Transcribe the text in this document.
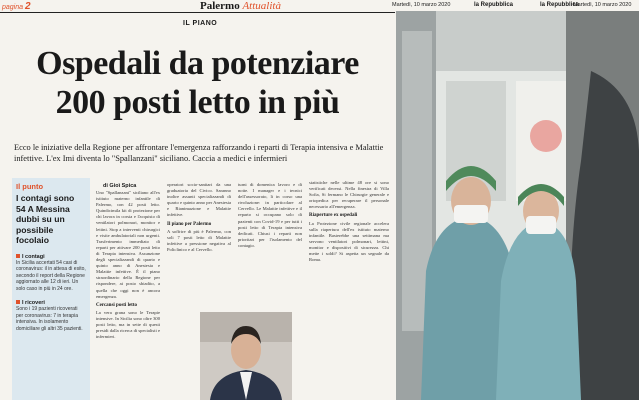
pagina 2	Palermo Attualità	Martedì, 10 marzo 2020	la Repubblica	la Repubblica
Martedì, 10 marzo 2020
IL PIANO
Ospedali da potenziare
200 posti letto in più
Ecco le iniziative della Regione per affrontare l'emergenza rafforzando i reparti di Terapia intensiva e Malattie infettive. L'ex Imi diventa lo "Spallanzani" siciliano. Caccia a medici e infermieri
Il punto
I contagi sono 54 A Messina dubbi su un possibile focolaio
I contagi
In Sicilia accertati 54 casi di coronavirus: il in attesa di esito, secondo il report della Regione aggiornato alle 12 di ieri. Un solo caso in più in 24 ore.
I ricoveri
Sono i 19 pazienti ricoverati per coronavirus: 7 in terapia intensiva. In isolamento domiciliare gli altri 35 pazienti.
di Gioì Spica
Uno "Spallanzani" siciliano all'ex istituto materno infantile di Palermo, con 42 posti letto. Quindicimila kit di protezione per chi lavora in corsia e l'acquisto di ventilatori polmonari, monitor e lettini. Stop a interventi chirurgici e visite ambulatoriali non urgenti. Trasferimento immediato di reparti per attivare 200 posti letto di Terapia intensiva. Assunzione degli specializzandi di quarto e quinto anno di Anestesia e Malattie infettive. È il piano straordinario della Regione per rispondere, ai posto sbiadito, a quella che oggi non è ancora emergenza.
Cercansi posti letto
La vera grana sono le Terapie intensive. In Sicilia sono oltre 300 posti letto, ma in sette di questi presidi dalla ricerca di specialisti e infermieri.
operatori socio-sanitari da una graduatoria del Civico. Saranno inoltre assunti specializzandi di quarto e quinto anno per Anestesia e Rianimazione e Malattie infettive.
Il piano per Palermo
A soffrire di più è Palermo, con soli 7 posti letto di Malattie infettive a pressione negativa al Policlinico e al Cervello.
turni di domenica lavoro e di notte. I manager e i tecnici dell'assessorato, li in corso una rivoluzione: in particolare al Cervello. Le Malattie infettive e il reparto si occupano solo di pazienti con Covid-19 e per tutti i posti letto di Terapia intensiva dedicati. Chiusi i reparti non prioritari per l'isolamento del contagio.
statistiche nelle ultime 48 ore si sono verificati decessi. Nella finestra di Villa Sofia, Si fermano le Chirurgie generale e ortopedica per recuperare il personale necessario all'emergenza.
Riaperture ex ospedali
La Protezione civile regionale accelera sulla riapertura dell'ex istituto materno infantile. Basterebbe una settimana ma servono ventilatori polmonari, lettini, monitor e dispositivi di sicurezza. Chi mette i soldi? Si aspetta un segnale da Roma.
